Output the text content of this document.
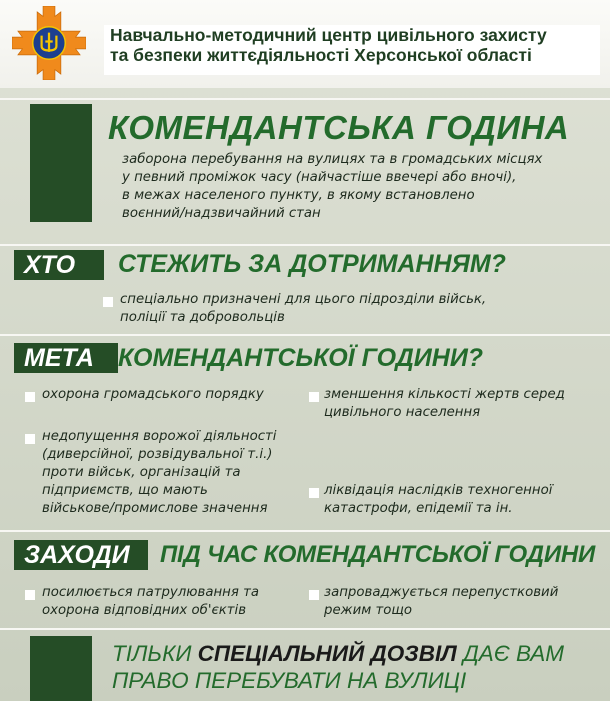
Навчально-методичний центр цивільного захисту
та безпеки життєдіяльності Херсонської області
КОМЕНДАНТСЬКА ГОДИНА
заборона перебування на вулицях та в громадських місцях
у певний проміжок часу (найчастіше ввечері або вночі),
в межах населеного пункту, в якому встановлено
воєнний/надзвичайний стан
ХТО	СТЕЖИТЬ ЗА ДОТРИМАННЯМ?
спеціально призначені для цього підрозділи військ,
поліції та добровольців
МЕТА КОМЕНДАНТСЬКОЇ ГОДИНИ?
охорона громадського порядку
недопущення ворожої діяльності
(диверсійної, розвідувальної т.і.)
проти військ, організацій та
підприємств, що мають
військове/промислове значення
зменшення кількості жертв серед
цивільного населення
ліквідація наслідків техногенної
катастрофи, епідемії та ін.
ЗАХОДИ	ПІД ЧАС КОМЕНДАНТСЬКОЇ ГОДИНИ
посилюється патрулювання та
охорона відповідних об'єктів
запроваджується перепустковий
режим тощо
ТІЛЬКИ СПЕЦІАЛЬНИЙ ДОЗВІЛ ДАЄ ВАМ
ПРАВО ПЕРЕБУВАТИ НА ВУЛИЦІ
